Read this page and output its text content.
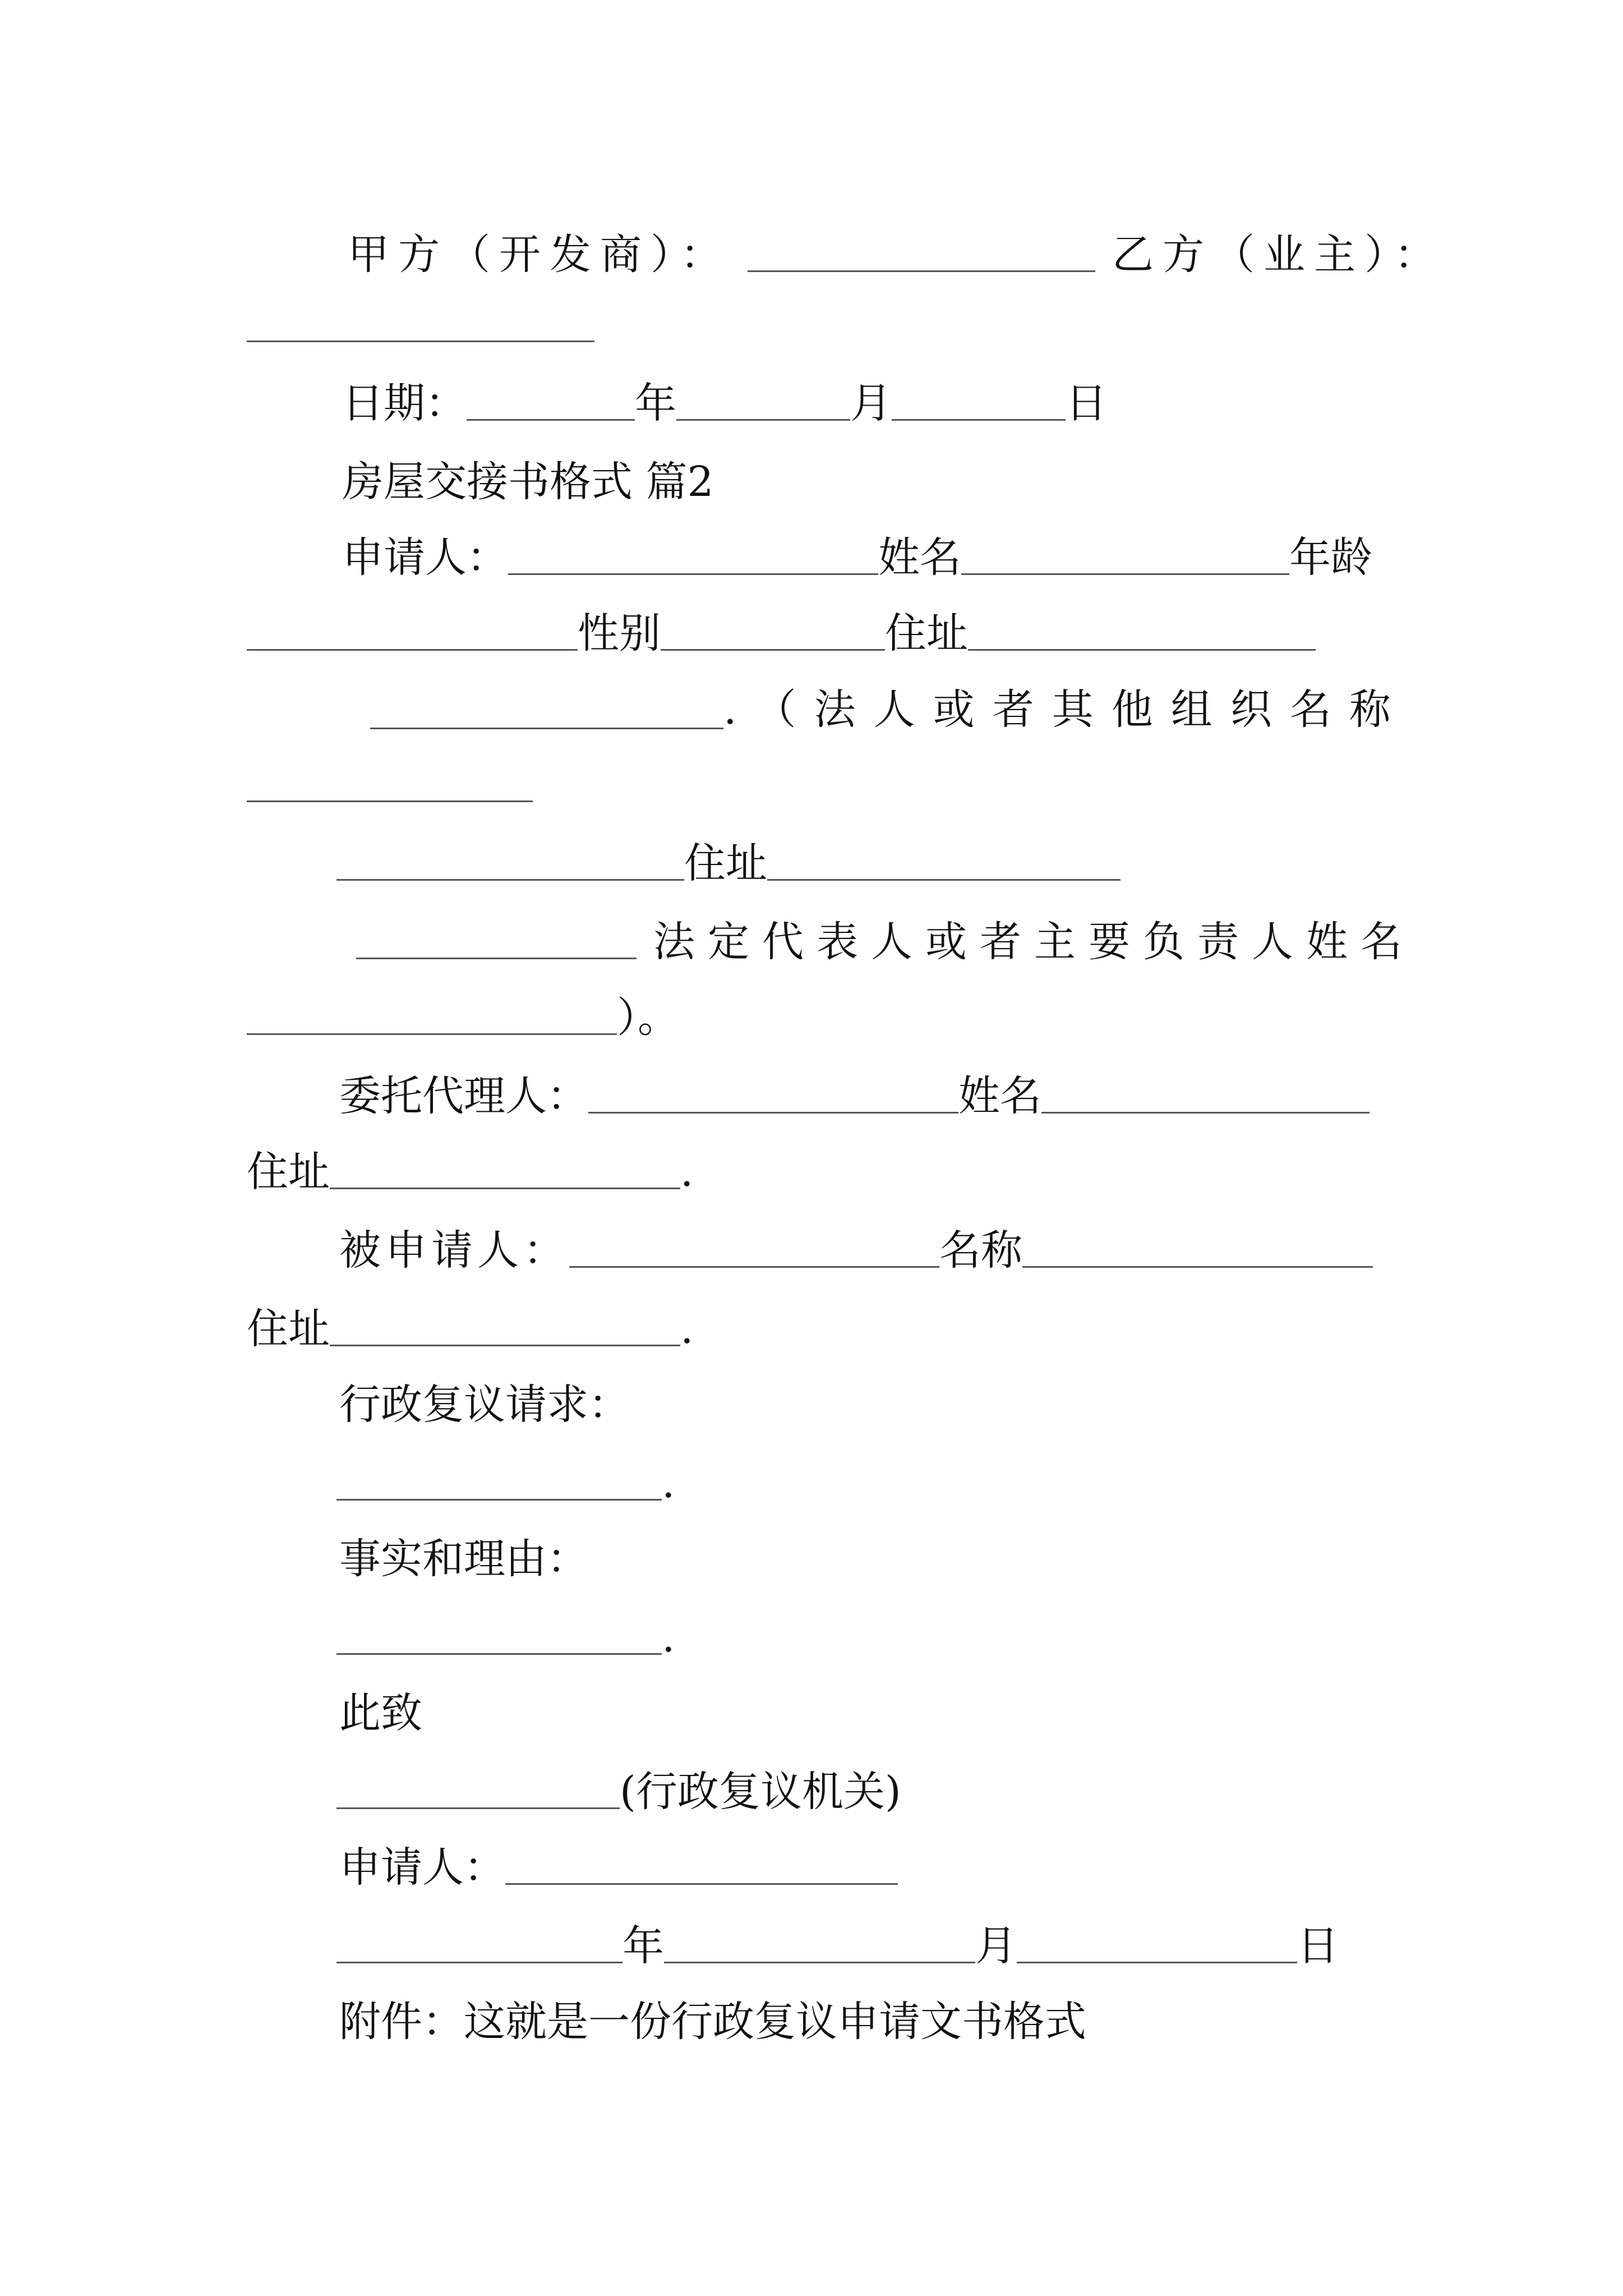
甲方（开发商）：	乙方（业主）：
日期：	年	月	日
房屋交接书格式 篇2
申请人：	姓名	年龄
性别	住址
. （ 法 人 或 者 其 他 组 织 名 称
住址
法定代表人或者主要负责人姓名
）。
委托代理人：	姓名
住址	.
被申请人：	名称
住址	.
行政复议请求：
.
事实和理由：
.
此致
(行政复议机关)
申请人：
年	月	日
附件：这就是一份行政复议申请文书格式
